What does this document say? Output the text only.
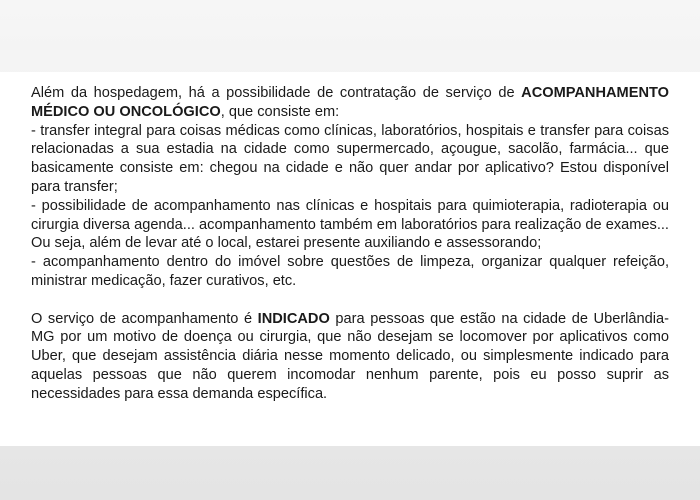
Além da hospedagem, há a possibilidade de contratação de serviço de ACOMPANHAMENTO MÉDICO OU ONCOLÓGICO, que consiste em:
- transfer integral para coisas médicas como clínicas, laboratórios, hospitais e transfer para coisas relacionadas a sua estadia na cidade como supermercado, açougue, sacolão, farmácia... que basicamente consiste em: chegou na cidade e não quer andar por aplicativo? Estou disponível para transfer;
- possibilidade de acompanhamento nas clínicas e hospitais para quimioterapia, radioterapia ou cirurgia diversa agenda... acompanhamento também em laboratórios para realização de exames... Ou seja, além de levar até o local, estarei presente auxiliando e assessorando;
- acompanhamento dentro do imóvel sobre questões de limpeza, organizar qualquer refeição, ministrar medicação, fazer curativos, etc.

O serviço de acompanhamento é INDICADO para pessoas que estão na cidade de Uberlândia-MG por um motivo de doença ou cirurgia, que não desejam se locomover por aplicativos como Uber, que desejam assistência diária nesse momento delicado, ou simplesmente indicado para aquelas pessoas que não querem incomodar nenhum parente, pois eu posso suprir as necessidades para essa demanda específica.
